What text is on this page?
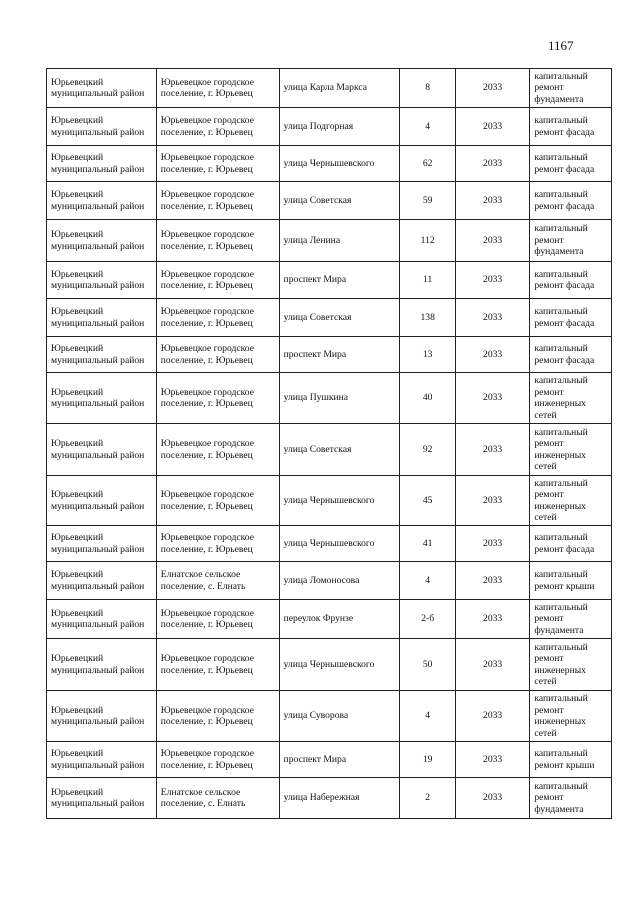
1167
Юрьевецкий муниципальный район	Юрьевецкое городское поселение, г. Юрьевец	улица Карла Маркса	8	2033	капитальный ремонт фундамента
Юрьевецкий муниципальный район	Юрьевецкое городское поселение, г. Юрьевец	улица Подгорная	4	2033	капитальный ремонт фасада
Юрьевецкий муниципальный район	Юрьевецкое городское поселение, г. Юрьевец	улица Чернышевского	62	2033	капитальный ремонт фасада
Юрьевецкий муниципальный район	Юрьевецкое городское поселение, г. Юрьевец	улица Советская	59	2033	капитальный ремонт фасада
Юрьевецкий муниципальный район	Юрьевецкое городское поселение, г. Юрьевец	улица Ленина	112	2033	капитальный ремонт фундамента
Юрьевецкий муниципальный район	Юрьевецкое городское поселение, г. Юрьевец	проспект Мира	11	2033	капитальный ремонт фасада
Юрьевецкий муниципальный район	Юрьевецкое городское поселение, г. Юрьевец	улица Советская	138	2033	капитальный ремонт фасада
Юрьевецкий муниципальный район	Юрьевецкое городское поселение, г. Юрьевец	проспект Мира	13	2033	капитальный ремонт фасада
Юрьевецкий муниципальный район	Юрьевецкое городское поселение, г. Юрьевец	улица Пушкина	40	2033	капитальный ремонт инженерных сетей
Юрьевецкий муниципальный район	Юрьевецкое городское поселение, г. Юрьевец	улица Советская	92	2033	капитальный ремонт инженерных сетей
Юрьевецкий муниципальный район	Юрьевецкое городское поселение, г. Юрьевец	улица Чернышевского	45	2033	капитальный ремонт инженерных сетей
Юрьевецкий муниципальный район	Юрьевецкое городское поселение, г. Юрьевец	улица Чернышевского	41	2033	капитальный ремонт фасада
Юрьевецкий муниципальный район	Елнатское сельское поселение, с. Елнать	улица Ломоносова	4	2033	капитальный ремонт крыши
Юрьевецкий муниципальный район	Юрьевецкое городское поселение, г. Юрьевец	переулок Фрунзе	2-б	2033	капитальный ремонт фундамента
Юрьевецкий муниципальный район	Юрьевецкое городское поселение, г. Юрьевец	улица Чернышевского	50	2033	капитальный ремонт инженерных сетей
Юрьевецкий муниципальный район	Юрьевецкое городское поселение, г. Юрьевец	улица Суворова	4	2033	капитальный ремонт инженерных сетей
Юрьевецкий муниципальный район	Юрьевецкое городское поселение, г. Юрьевец	проспект Мира	19	2033	капитальный ремонт крыши
Юрьевецкий муниципальный район	Елнатское сельское поселение, с. Елнать	улица Набережная	2	2033	капитальный ремонт фундамента
